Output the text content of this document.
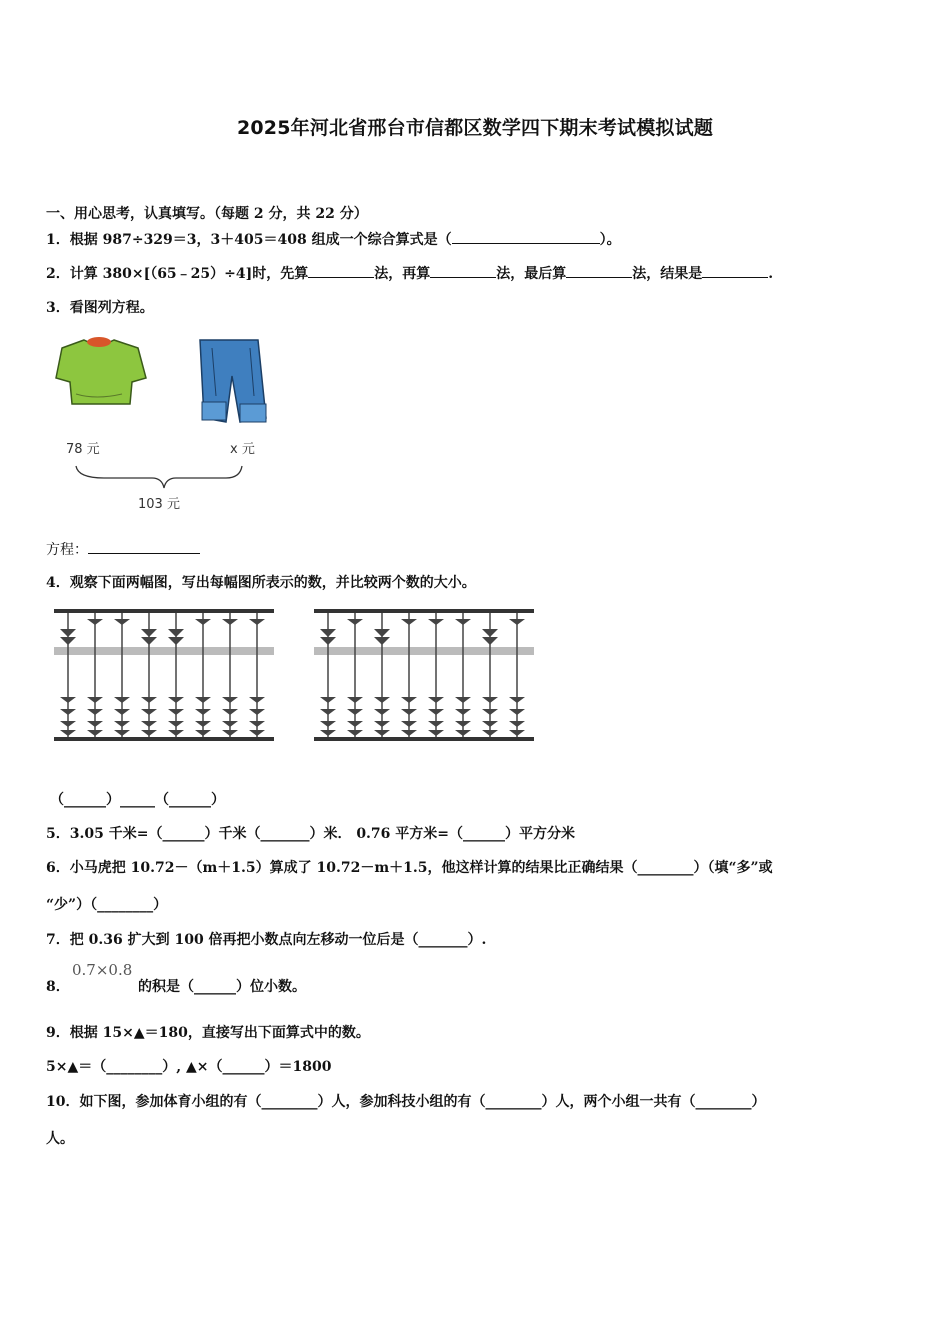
2025年河北省邢台市信都区数学四下期末考试模拟试题
一、用心思考，认真填写。（每题 2 分，共 22 分）
1．根据 987÷329＝3，3＋405＝408 组成一个综合算式是（	）。
2．计算 380×[（65﹣25）÷4]时，先算	法，再算	法，最后算	法，结果是	.
3．看图列方程。
78 元	x 元
103 元
方程：
4．观察下面两幅图，写出每幅图所表示的数，并比较两个数的大小。
（______）_____（______）
5．3.05 千米=（______）千米（_______）米． 0.76 平方米=（______）平方分米
6．小马虎把 10.72－（m＋1.5）算成了 10.72－m＋1.5，他这样计算的结果比正确结果（________）（填“多”或
“少”）（________）
7．把 0.36 扩大到 100 倍再把小数点向左移动一位后是（_______）.
8．
0.7×0.8
的积是（______）位小数。
9．根据 15×▲＝180，直接写出下面算式中的数。
5×▲＝（________）, ▲×（______）＝1800
10．如下图，参加体育小组的有（________）人，参加科技小组的有（________）人，两个小组一共有（________）
人。
